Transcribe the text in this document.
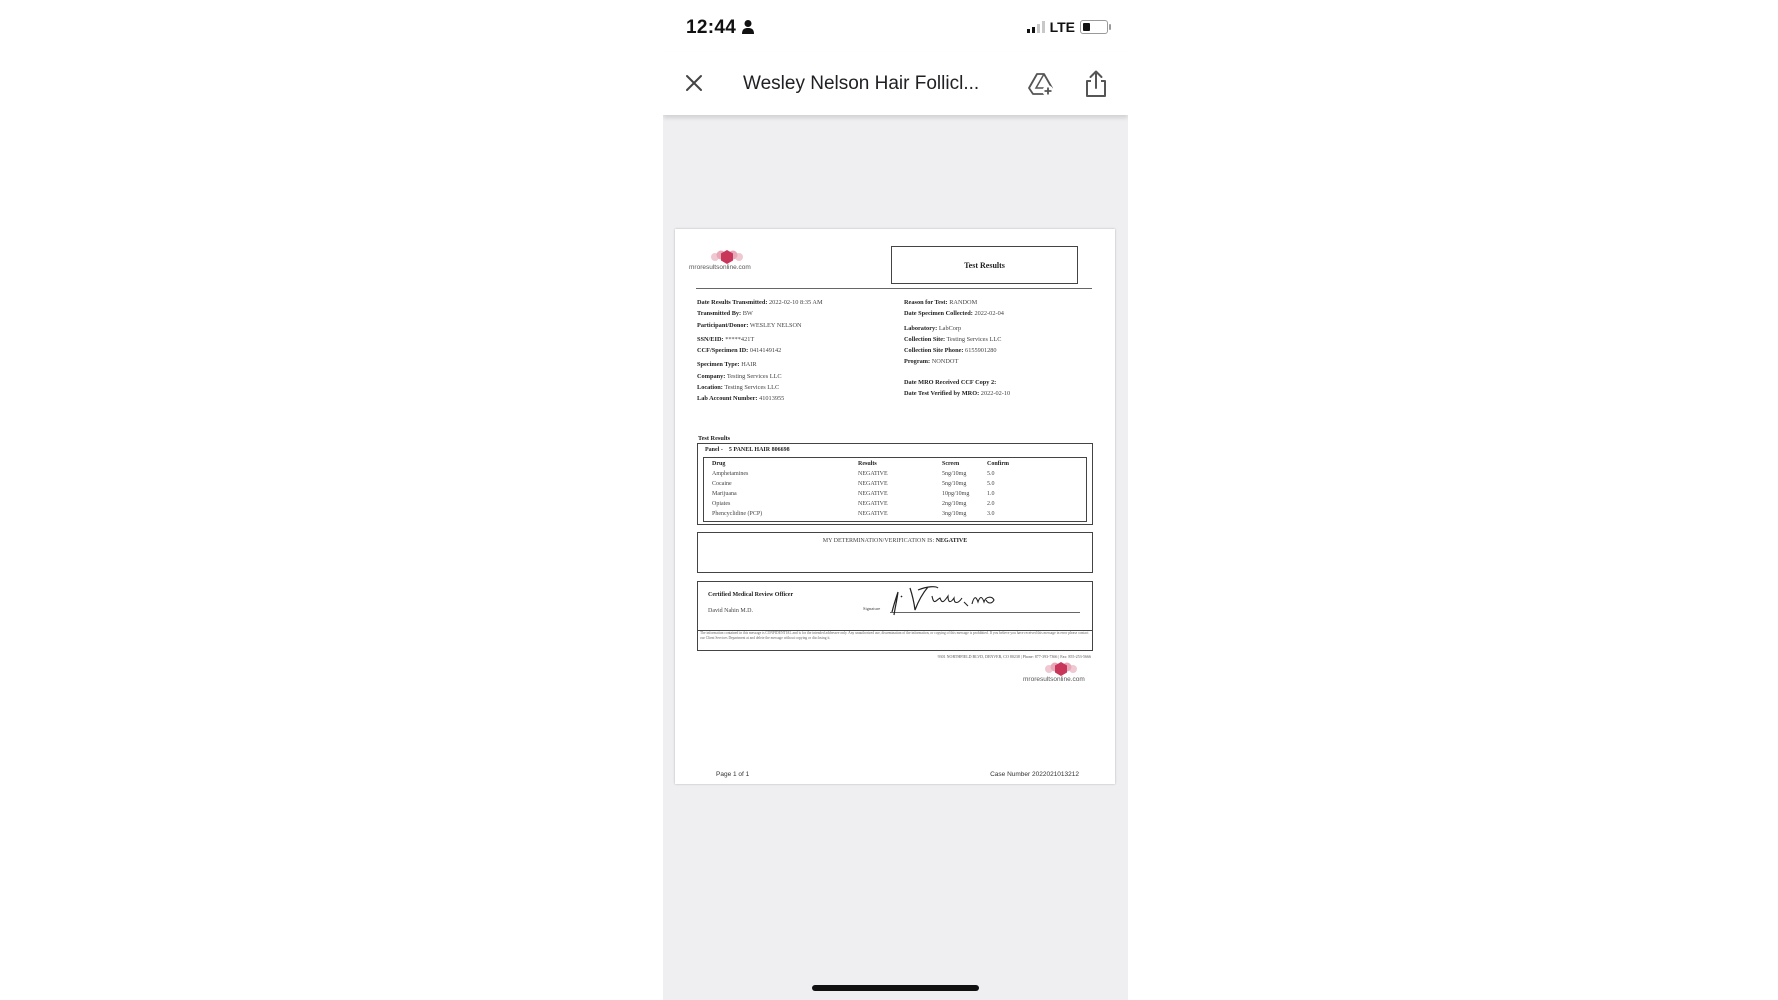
12:44	LTE
Wesley Nelson Hair Follicl...
mroresultsonline.com	Test Results
Date Results Transmitted: 2022-02-10 8:35 AM
Transmitted By: BW
Participant/Donor: WESLEY NELSON
SSN/EID: *****421T
CCF/Specimen ID: 0414149142
Specimen Type: HAIR
Company: Testing Services LLC
Location: Testing Services LLC
Lab Account Number: 41013955
Reason for Test: RANDOM
Date Specimen Collected: 2022-02-04
Laboratory: LabCorp
Collection Site: Testing Services LLC
Collection Site Phone: 6155901280
Program: NONDOT
Date MRO Received CCF Copy 2:
Date Test Verified by MRO: 2022-02-10
Test Results
Panel - 5 PANEL HAIR 806698
Drug	Results	Screen	Confirm
Amphetamines	NEGATIVE	5ng/10mg	5.0
Cocaine	NEGATIVE	5ng/10mg	5.0
Marijuana	NEGATIVE	10pg/10mg	1.0
Opiates	NEGATIVE	2ng/10mg	2.0
Phencyclidine (PCP)	NEGATIVE	3ng/10mg	3.0
MY DETERMINATION/VERIFICATION IS: NEGATIVE
Certified Medical Review Officer
David Nahin M.D.	Signature
The information contained in this message is CONFIDENTIAL and is for the intended addressee only. Any unauthorized use, dissemination of the information, or copying of this message is prohibited. If you believe you have received this message in error please contact our Client Services Department at and delete the message without copying or disclosing it.
9301 NORTHFIELD BLVD, DENVER, CO 80238 | Phone: 877-393-7366 | Fax: 855-253-5666
mroresultsonline.com
Page 1 of 1	Case Number 2022021013212
